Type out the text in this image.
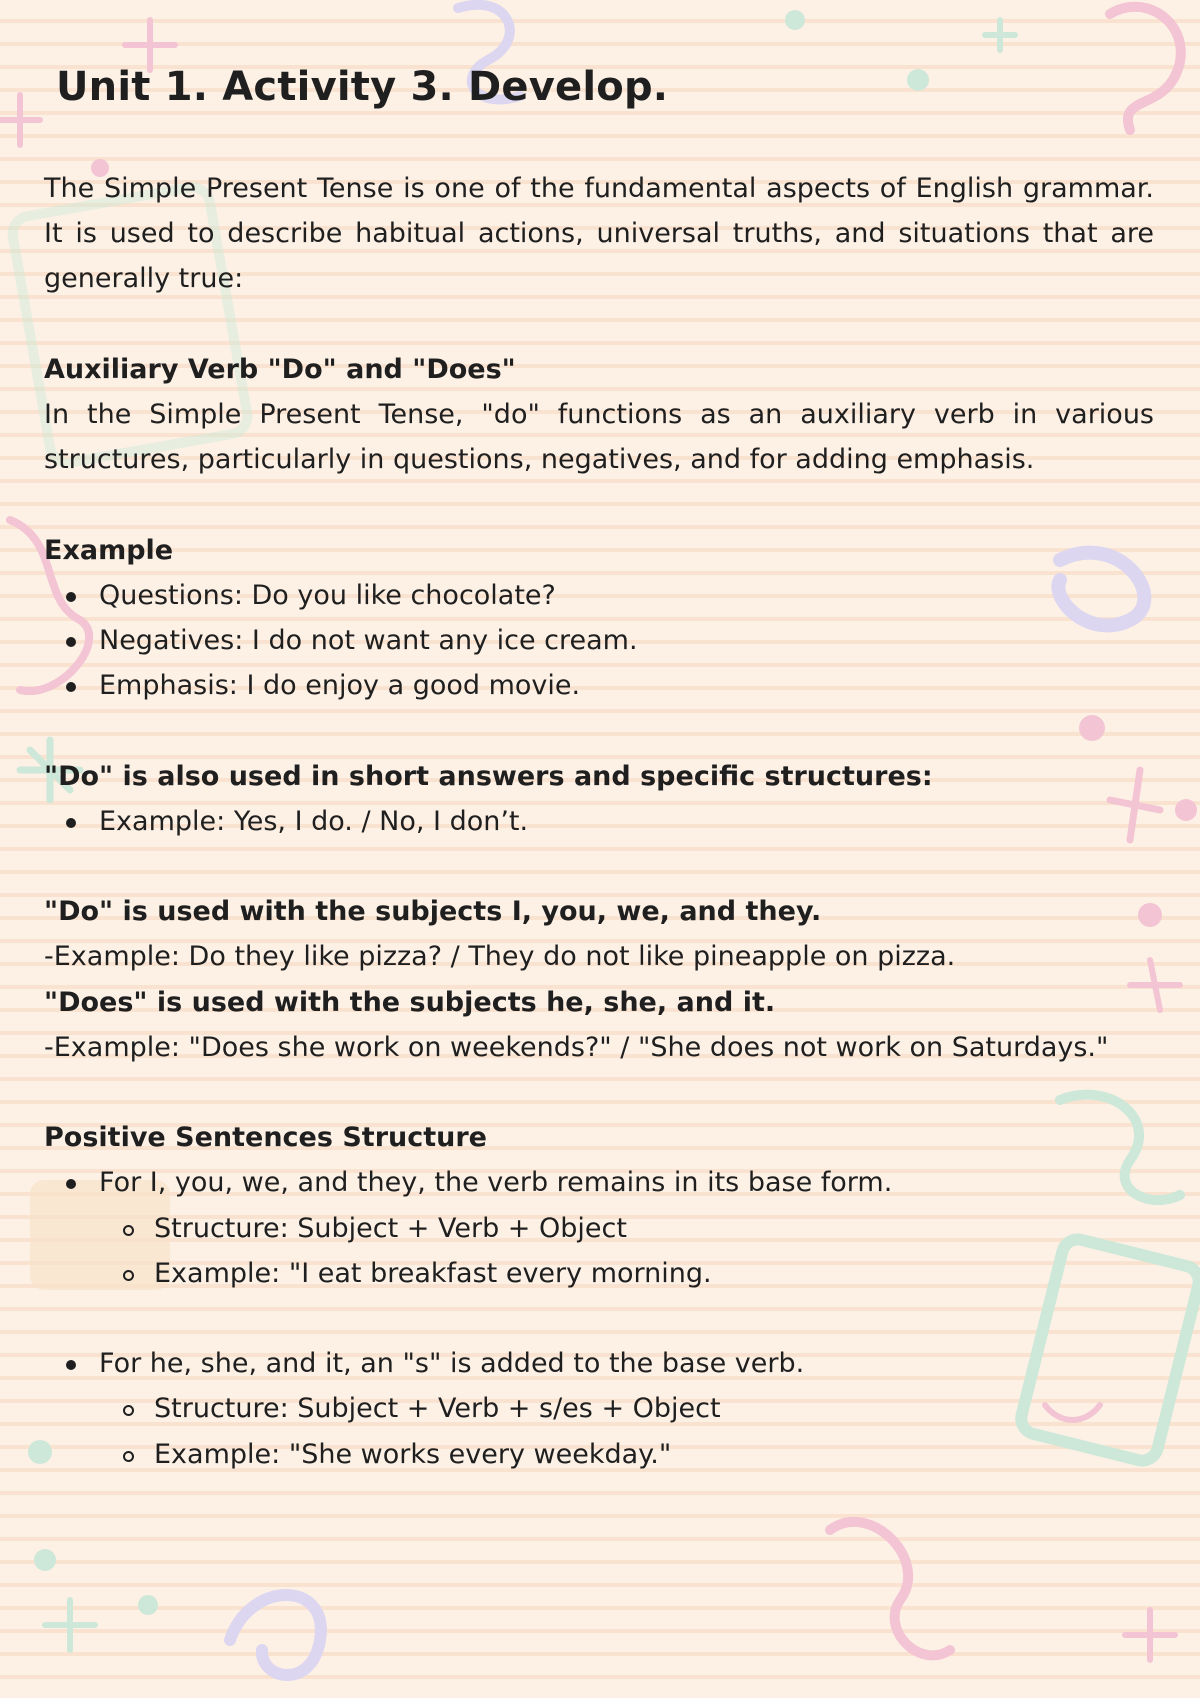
Unit 1. Activity 3. Develop.

The Simple Present Tense is one of the fundamental aspects of English grammar. It is used to describe habitual actions, universal truths, and situations that are generally true:

Auxiliary Verb "Do" and "Does"

In the Simple Present Tense, "do" functions as an auxiliary verb in various structures, particularly in questions, negatives, and for adding emphasis.

Example

Questions: Do you like chocolate?
Negatives: I do not want any ice cream.
Emphasis: I do enjoy a good movie.

"Do" is also used in short answers and specific structures:

Example: Yes, I do. / No, I don’t.

"Do" is used with the subjects I, you, we, and they.

-Example: Do they like pizza? / They do not like pineapple on pizza.

"Does" is used with the subjects he, she, and it.

-Example: "Does she work on weekends?" / "She does not work on Saturdays."

Positive Sentences Structure

For I, you, we, and they, the verb remains in its base form.
Structure: Subject + Verb + Object
Example: "I eat breakfast every morning.
For he, she, and it, an "s" is added to the base verb.
Structure: Subject + Verb + s/es + Object
Example: "She works every weekday."
